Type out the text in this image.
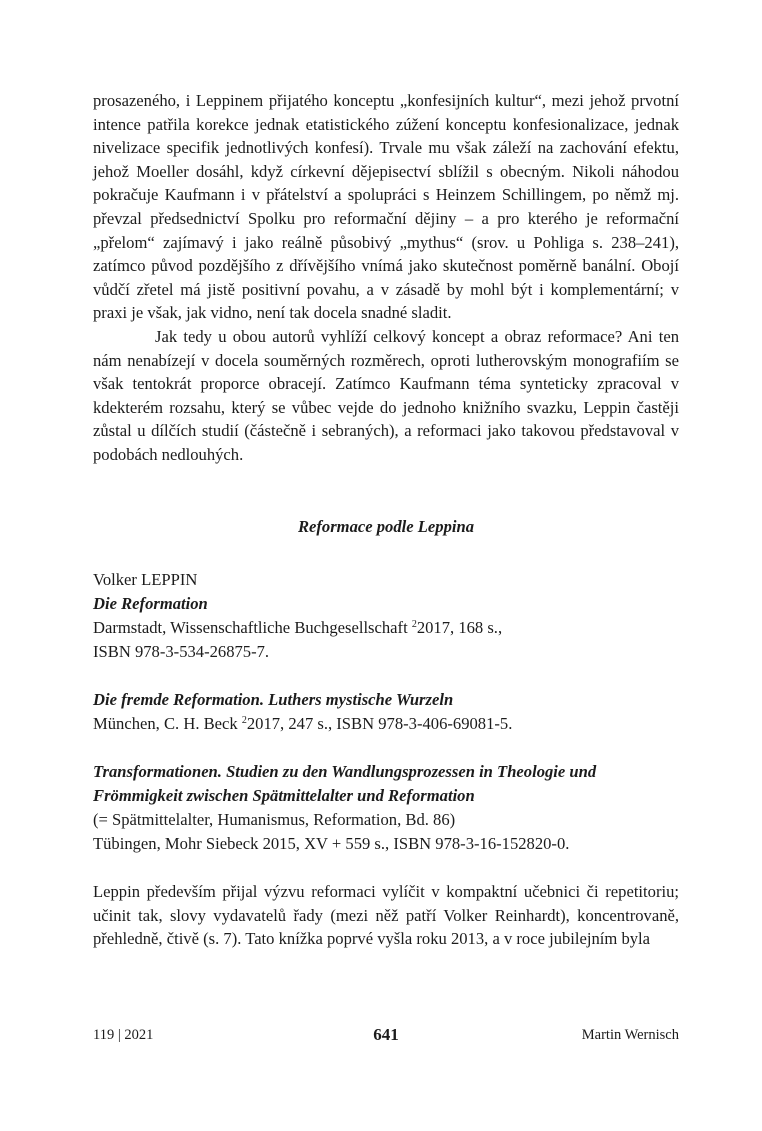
prosazeného, i Leppinem přijatého konceptu „konfesijních kultur“, mezi jehož prvotní intence patřila korekce jednak etatistického zúžení konceptu konfesionalizace, jednak nivelizace specifik jednotlivých konfesí). Trvale mu však záleží na zachování efektu, jehož Moeller dosáhl, když církevní dějepisectví sblížil s obecným. Nikoli náhodou pokračuje Kaufmann i v přátelství a spolupráci s Heinzem Schillingem, po němž mj. převzal předsednictví Spolku pro reformační dějiny – a pro kterého je reformační „přelom“ zajímavý i jako reálně působivý „mythus“ (srov. u Pohliga s. 238–241), zatímco původ pozdějšího z dřívějšího vnímá jako skutečnost poměrně banální. Obojí vůdčí zřetel má jistě positivní povahu, a v zásadě by mohl být i komplementární; v praxi je však, jak vidno, není tak docela snadné sladit.

Jak tedy u obou autorů vyhlíží celkový koncept a obraz reformace? Ani ten nám nenabízejí v docela souměrných rozměrech, oproti lutherovským monografiím se však tentokrát proporce obracejí. Zatímco Kaufmann téma synteticky zpracoval v kdekterém rozsahu, který se vůbec vejde do jednoho knižního svazku, Leppin častěji zůstal u dílčích studií (částečně i sebraných), a reformaci jako takovou představoval v podobách nedlouhých.

Reformace podle Leppina

Volker LEPPIN

Die Reformation

Darmstadt, Wissenschaftliche Buchgesellschaft $^2$2017, 168 s.,

ISBN 978-3-534-26875-7.

Die fremde Reformation. Luthers mystische Wurzeln

München, C. H. Beck $^2$2017, 247 s., ISBN 978-3-406-69081-5.

Transformationen. Studien zu den Wandlungsprozessen in Theologie und

Frömmigkeit zwischen Spätmittelalter und Reformation

(= Spätmittelalter, Humanismus, Reformation, Bd. 86)

Tübingen, Mohr Siebeck 2015, XV + 559 s., ISBN 978-3-16-152820-0.

Leppin především přijal výzvu reformaci vylíčit v kompaktní učebnici či repetitoriu; učinit tak, slovy vydavatelů řady (mezi něž patří Volker Reinhardt), koncentrovaně, přehledně, čtivě (s. 7). Tato knížka poprvé vyšla roku 2013, a v roce jubilejním byla

119 | 2021	641	Martin Wernisch
